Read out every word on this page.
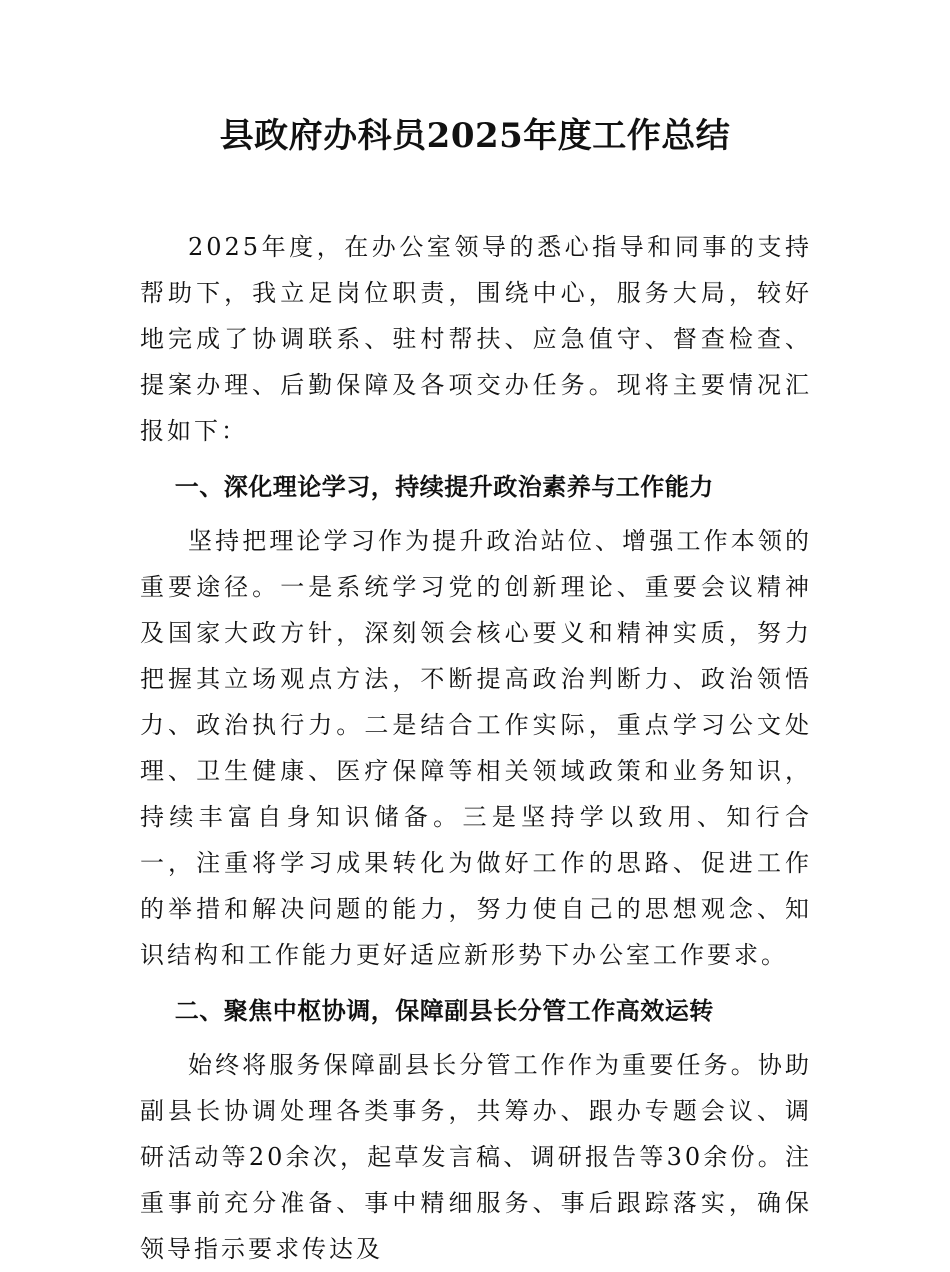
县政府办科员2025年度工作总结

2025年度，在办公室领导的悉心指导和同事的支持帮助下，我立足岗位职责，围绕中心，服务大局，较好地完成了协调联系、驻村帮扶、应急值守、督查检查、提案办理、后勤保障及各项交办任务。现将主要情况汇报如下：

一、深化理论学习，持续提升政治素养与工作能力

坚持把理论学习作为提升政治站位、增强工作本领的重要途径。一是系统学习党的创新理论、重要会议精神及国家大政方针，深刻领会核心要义和精神实质，努力把握其立场观点方法，不断提高政治判断力、政治领悟力、政治执行力。二是结合工作实际，重点学习公文处理、卫生健康、医疗保障等相关领域政策和业务知识，持续丰富自身知识储备。三是坚持学以致用、知行合一，注重将学习成果转化为做好工作的思路、促进工作的举措和解决问题的能力，努力使自己的思想观念、知识结构和工作能力更好适应新形势下办公室工作要求。

二、聚焦中枢协调，保障副县长分管工作高效运转

始终将服务保障副县长分管工作作为重要任务。协助副县长协调处理各类事务，共筹办、跟办专题会议、调研活动等20余次，起草发言稿、调研报告等30余份。注重事前充分准备、事中精细服务、事后跟踪落实，确保领导指示要求传达及
